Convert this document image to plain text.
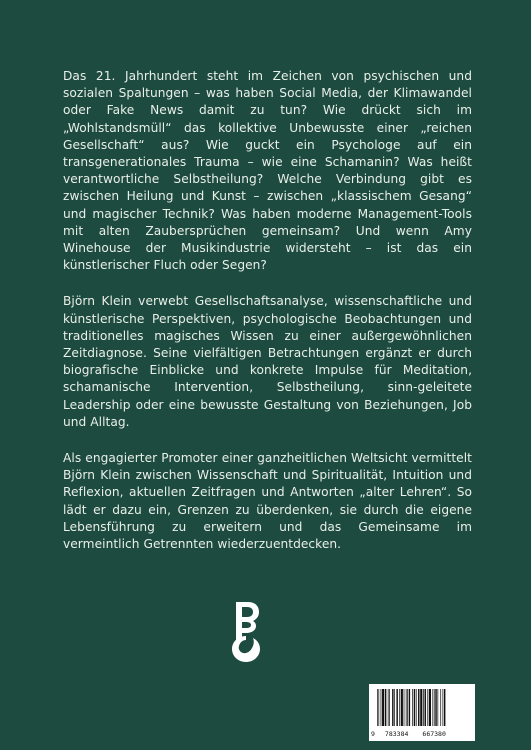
Das 21. Jahrhundert steht im Zeichen von psychischen und sozialen Spaltungen – was haben Social Media, der Klimawandel oder Fake News damit zu tun? Wie drückt sich im „Wohlstandsmüll“ das kollektive Unbewusste einer „reichen Gesellschaft“ aus? Wie guckt ein Psychologe auf ein transgenerationales Trauma – wie eine Schamanin? Was heißt verantwortliche Selbstheilung? Welche Verbindung gibt es zwischen Heilung und Kunst – zwischen „klassischem Gesang“ und magischer Technik? Was haben moderne Management-Tools mit alten Zaubersprüchen gemeinsam? Und wenn Amy Winehouse der Musikindustrie widersteht – ist das ein künstlerischer Fluch oder Segen?

Björn Klein verwebt Gesellschaftsanalyse, wissenschaftliche und künstlerische Perspektiven, psychologische Beobachtungen und traditionelles magisches Wissen zu einer außergewöhnlichen Zeitdiagnose. Seine vielfältigen Betrachtungen ergänzt er durch biografische Einblicke und konkrete Impulse für Meditation, schamanische Intervention, Selbstheilung, sinn-geleitete Leadership oder eine bewusste Gestaltung von Beziehungen, Job und Alltag.

Als engagierter Promoter einer ganzheitlichen Weltsicht vermittelt Björn Klein zwischen Wissenschaft und Spiritualität, Intuition und Reflexion, aktuellen Zeitfragen und Antworten „alter Lehren“. So lädt er dazu ein, Grenzen zu überdenken, sie durch die eigene Lebensführung zu erweitern und das Gemeinsame im vermeintlich Getrennten wiederzuentdecken.

9 783384 667380
